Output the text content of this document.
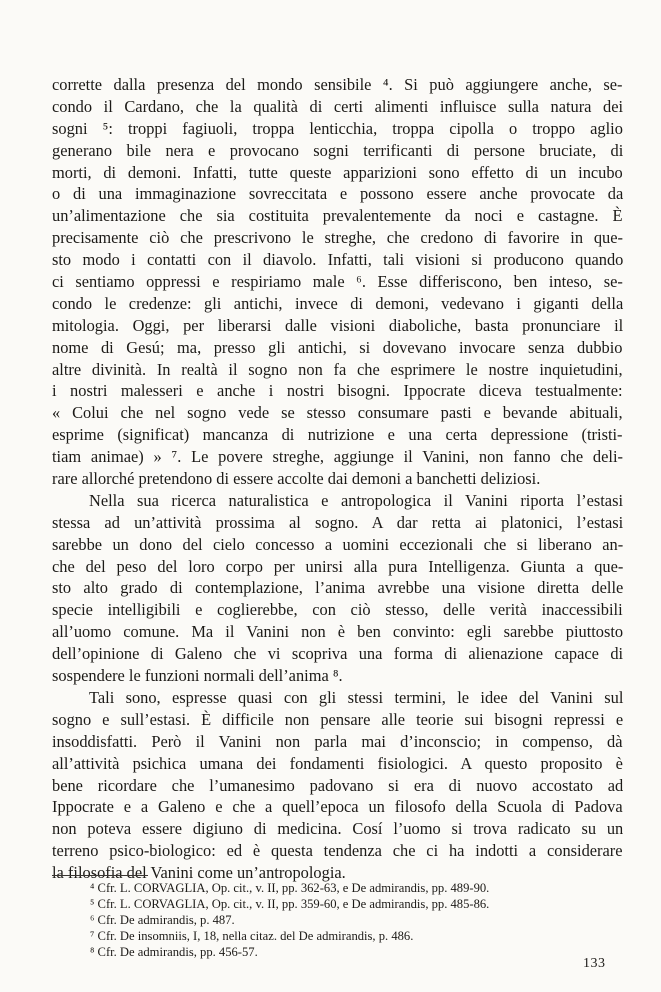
corrette dalla presenza del mondo sensibile ⁴. Si può aggiungere anche, se-
condo il Cardano, che la qualità di certi alimenti influisce sulla natura dei
sogni ⁵: troppi fagiuoli, troppa lenticchia, troppa cipolla o troppo aglio
generano bile nera e provocano sogni terrificanti di persone bruciate, di
morti, di demoni. Infatti, tutte queste apparizioni sono effetto di un incubo
o di una immaginazione sovreccitata e possono essere anche provocate da
un’alimentazione che sia costituita prevalentemente da noci e castagne. È
precisamente ciò che prescrivono le streghe, che credono di favorire in que-
sto modo i contatti con il diavolo. Infatti, tali visioni si producono quando
ci sentiamo oppressi e respiriamo male ⁶. Esse differiscono, ben inteso, se-
condo le credenze: gli antichi, invece di demoni, vedevano i giganti della
mitologia. Oggi, per liberarsi dalle visioni diaboliche, basta pronunciare il
nome di Gesú; ma, presso gli antichi, si dovevano invocare senza dubbio
altre divinità. In realtà il sogno non fa che esprimere le nostre inquietudini,
i nostri malesseri e anche i nostri bisogni. Ippocrate diceva testualmente:
« Colui che nel sogno vede se stesso consumare pasti e bevande abituali,
esprime (significat) mancanza di nutrizione e una certa depressione (tristi-
tiam animae) » ⁷. Le povere streghe, aggiunge il Vanini, non fanno che deli-
rare allorché pretendono di essere accolte dai demoni a banchetti deliziosi.
Nella sua ricerca naturalistica e antropologica il Vanini riporta l’estasi
stessa ad un’attività prossima al sogno. A dar retta ai platonici, l’estasi
sarebbe un dono del cielo concesso a uomini eccezionali che si liberano an-
che del peso del loro corpo per unirsi alla pura Intelligenza. Giunta a que-
sto alto grado di contemplazione, l’anima avrebbe una visione diretta delle
specie intelligibili e coglierebbe, con ciò stesso, delle verità inaccessibili
all’uomo comune. Ma il Vanini non è ben convinto: egli sarebbe piuttosto
dell’opinione di Galeno che vi scopriva una forma di alienazione capace di
sospendere le funzioni normali dell’anima ⁸.
Tali sono, espresse quasi con gli stessi termini, le idee del Vanini sul
sogno e sull’estasi. È difficile non pensare alle teorie sui bisogni repressi e
insoddisfatti. Però il Vanini non parla mai d’inconscio; in compenso, dà
all’attività psichica umana dei fondamenti fisiologici. A questo proposito è
bene ricordare che l’umanesimo padovano si era di nuovo accostato ad
Ippocrate e a Galeno e che a quell’epoca un filosofo della Scuola di Padova
non poteva essere digiuno di medicina. Cosí l’uomo si trova radicato su un
terreno psico-biologico: ed è questa tendenza che ci ha indotti a considerare
la filosofia del Vanini come un’antropologia.
⁴ Cfr. L. CORVAGLIA, Op. cit., v. II, pp. 362-63, e De admirandis, pp. 489-90.
⁵ Cfr. L. CORVAGLIA, Op. cit., v. II, pp. 359-60, e De admirandis, pp. 485-86.
⁶ Cfr. De admirandis, p. 487.
⁷ Cfr. De insomniis, I, 18, nella citaz. del De admirandis, p. 486.
⁸ Cfr. De admirandis, pp. 456-57.
133
